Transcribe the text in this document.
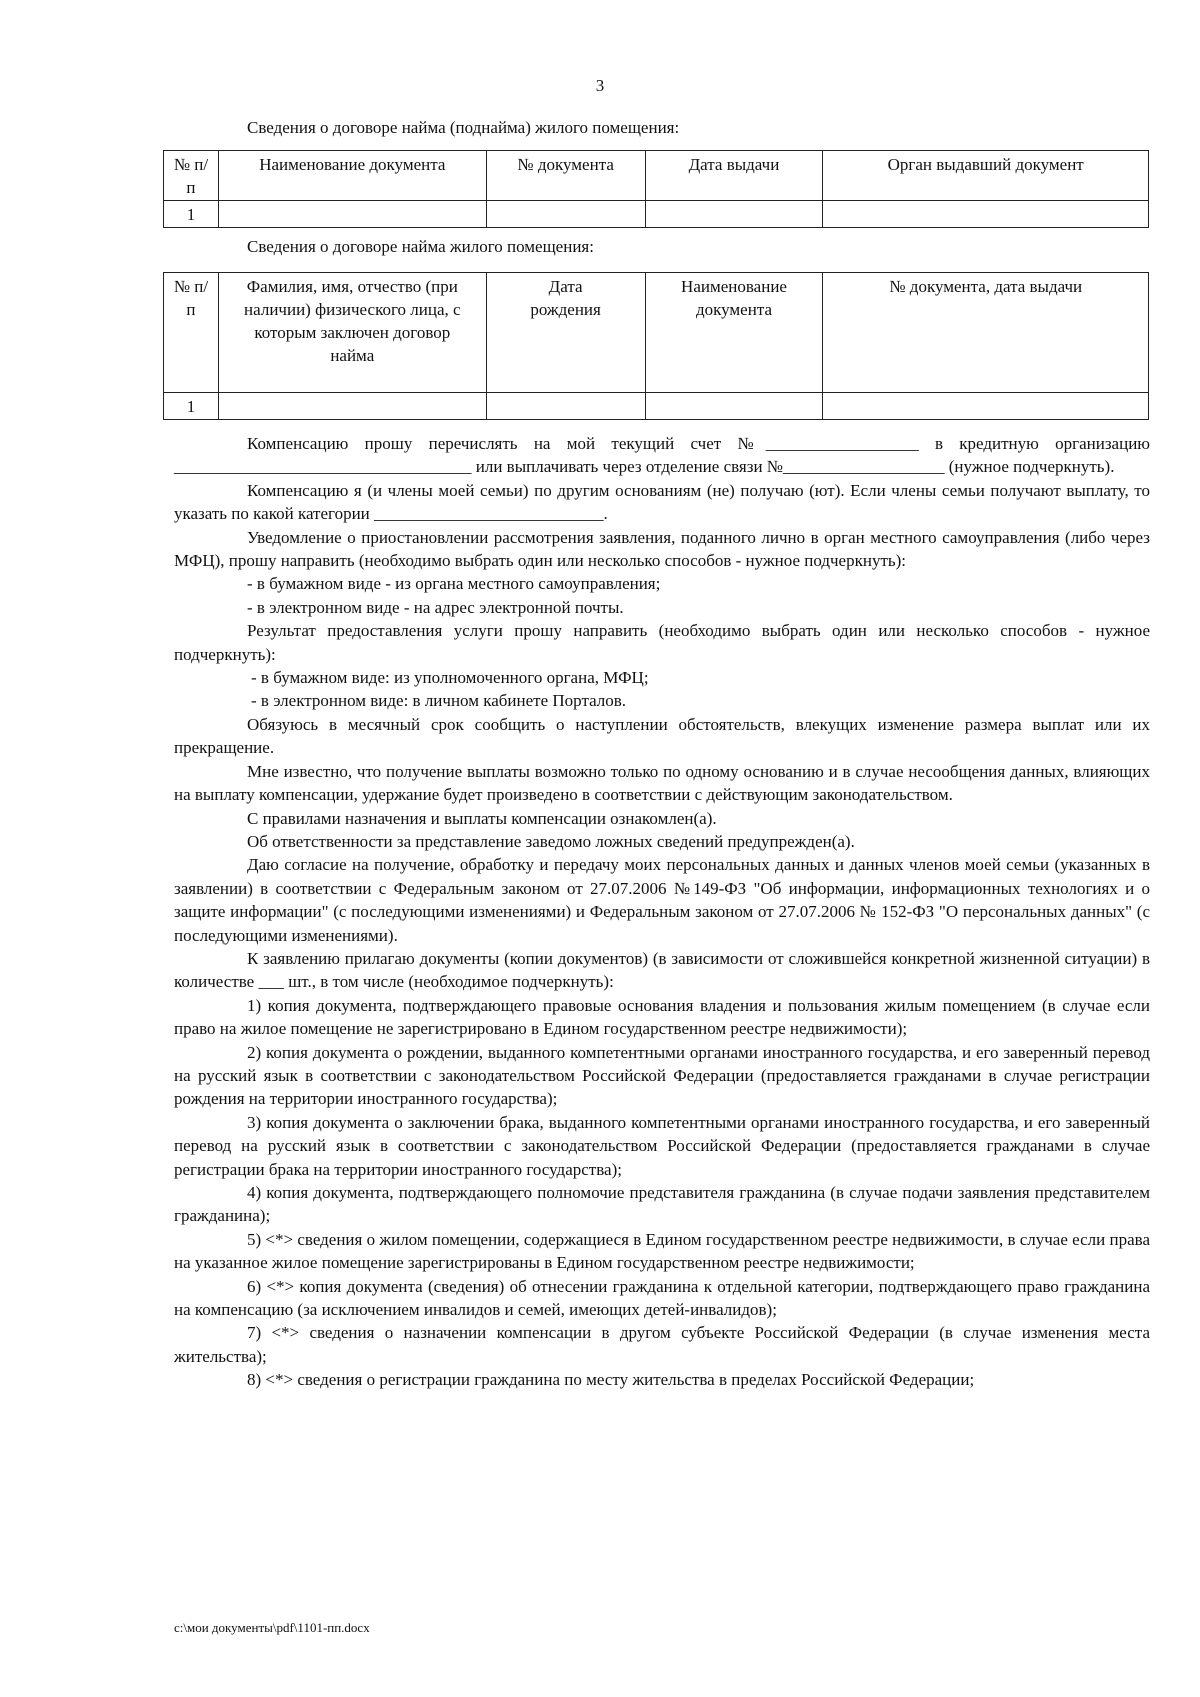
3
Сведения о договоре найма (поднайма) жилого помещения:
№ п/п	Наименование документа	№ документа	Дата выдачи	Орган выдавший документ
1				
Сведения о договоре найма жилого помещения:
№ п/п	Фамилия, имя, отчество (при наличии) физического лица, с которым заключен договор найма	Дата рождения	Наименование документа	№ документа, дата выдачи
1				

Компенсацию прошу перечислять на мой текущий счет №__________________ в кредитную организацию ___________________________________ или выплачивать через отделение связи №___________________ (нужное подчеркнуть).

Компенсацию я (и члены моей семьи) по другим основаниям (не) получаю (ют). Если члены семьи получают выплату, то указать по какой категории ___________________________.

Уведомление о приостановлении рассмотрения заявления, поданного лично в орган местного самоуправления (либо через МФЦ), прошу направить (необходимо выбрать один или несколько способов - нужное подчеркнуть):

- в бумажном виде - из органа местного самоуправления;

- в электронном виде - на адрес электронной почты.

Результат предоставления услуги прошу направить (необходимо выбрать один или несколько способов - нужное подчеркнуть):

- в бумажном виде: из уполномоченного органа, МФЦ;

- в электронном виде: в личном кабинете Порталов.

Обязуюсь в месячный срок сообщить о наступлении обстоятельств, влекущих изменение размера выплат или их прекращение.

Мне известно, что получение выплаты возможно только по одному основанию и в случае несообщения данных, влияющих на выплату компенсации, удержание будет произведено в соответствии с действующим законодательством.

С правилами назначения и выплаты компенсации ознакомлен(а).

Об ответственности за представление заведомо ложных сведений предупрежден(а).

Даю согласие на получение, обработку и передачу моих персональных данных и данных членов моей семьи (указанных в заявлении) в соответствии с Федеральным законом от 27.07.2006 №149-ФЗ "Об информации, информационных технологиях и о защите информации" (с последующими изменениями) и Федеральным законом от 27.07.2006 № 152-ФЗ "О персональных данных" (с последующими изменениями).

К заявлению прилагаю документы (копии документов) (в зависимости от сложившейся конкретной жизненной ситуации) в количестве ___ шт., в том числе (необходимое подчеркнуть):

1) копия документа, подтверждающего правовые основания владения и пользования жилым помещением (в случае если право на жилое помещение не зарегистрировано в Едином государственном реестре недвижимости);

2) копия документа о рождении, выданного компетентными органами иностранного государства, и его заверенный перевод на русский язык в соответствии с законодательством Российской Федерации (предоставляется гражданами в случае регистрации рождения на территории иностранного государства);

3) копия документа о заключении брака, выданного компетентными органами иностранного государства, и его заверенный перевод на русский язык в соответствии с законодательством Российской Федерации (предоставляется гражданами в случае регистрации брака на территории иностранного государства);

4) копия документа, подтверждающего полномочие представителя гражданина (в случае подачи заявления представителем гражданина);

5) <*> сведения о жилом помещении, содержащиеся в Едином государственном реестре недвижимости, в случае если права на указанное жилое помещение зарегистрированы в Едином государственном реестре недвижимости;

6) <*> копия документа (сведения) об отнесении гражданина к отдельной категории, подтверждающего право гражданина на компенсацию (за исключением инвалидов и семей, имеющих детей-инвалидов);

7) <*> сведения о назначении компенсации в другом субъекте Российской Федерации (в случае изменения места жительства);

8) <*> сведения о регистрации гражданина по месту жительства в пределах Российской Федерации;

c:\мои документы\pdf\1101-пп.docx
